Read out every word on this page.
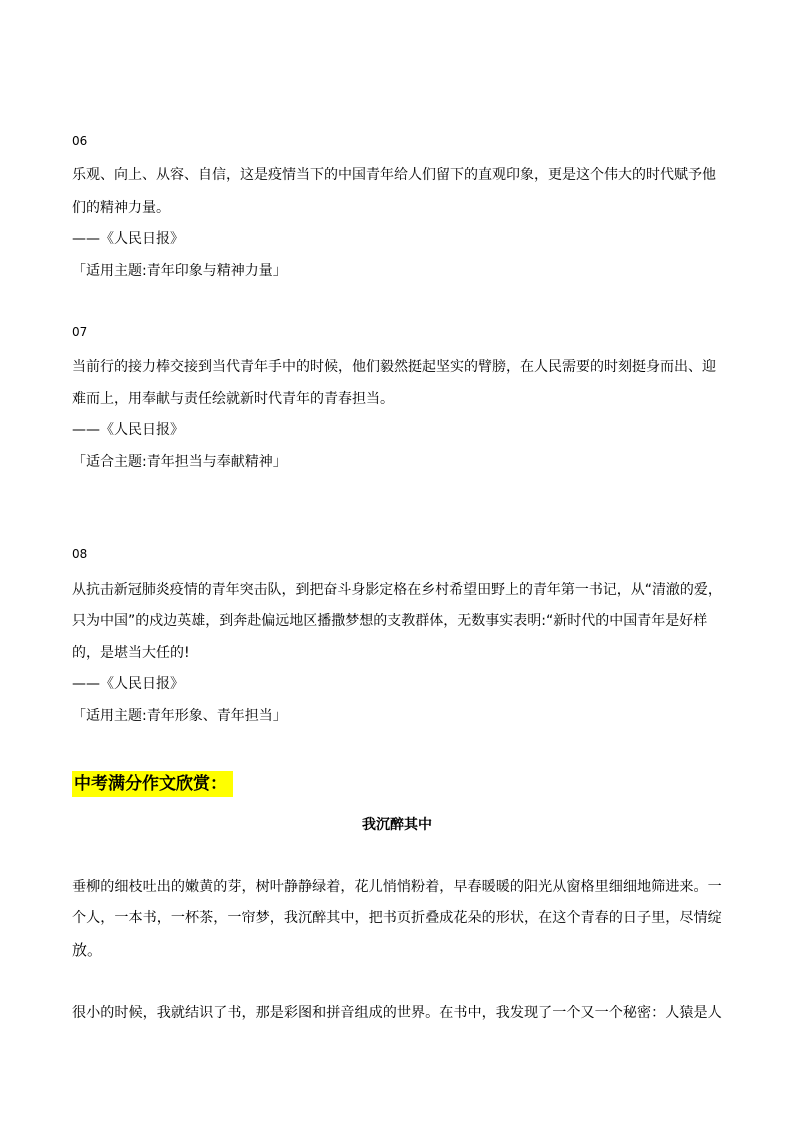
06
乐观、向上、从容、自信，这是疫情当下的中国青年给人们留下的直观印象，更是这个伟大的时代赋予他
们的精神力量。
——《人民日报》
「适用主题:青年印象与精神力量」
07
当前行的接力棒交接到当代青年手中的时候，他们毅然挺起坚实的臂膀，在人民需要的时刻挺身而出、迎
难而上，用奉献与责任绘就新时代青年的青春担当。
——《人民日报》
「适合主题:青年担当与奉献精神」
08
从抗击新冠肺炎疫情的青年突击队，到把奋斗身影定格在乡村希望田野上的青年第一书记，从“清澈的爱，
只为中国”的戍边英雄，到奔赴偏远地区播撒梦想的支教群体，无数事实表明:“新时代的中国青年是好样
的，是堪当大任的!
——《人民日报》
「适用主题:青年形象、青年担当」
中考满分作文欣赏：
我沉醉其中
垂柳的细枝吐出的嫩黄的芽，树叶静静绿着，花儿悄悄粉着，早春暖暖的阳光从窗格里细细地筛进来。一
个人，一本书，一杯茶，一帘梦，我沉醉其中，把书页折叠成花朵的形状，在这个青春的日子里，尽情绽
放。
很小的时候，我就结识了书，那是彩图和拼音组成的世界。在书中，我发现了一个又一个秘密：人猿是人
